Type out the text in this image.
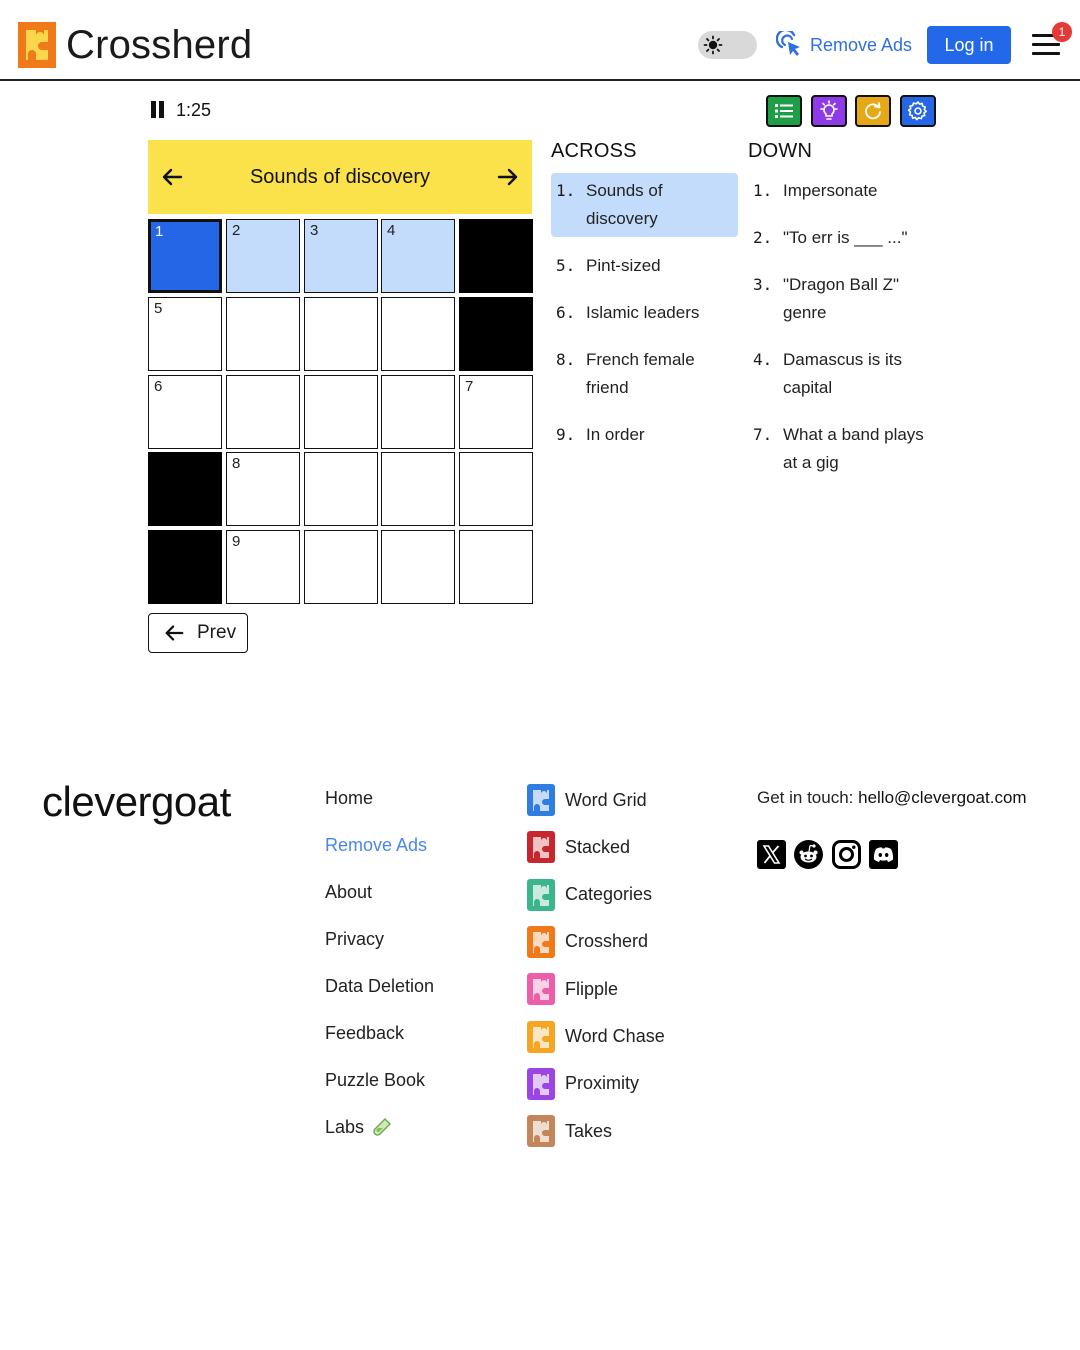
Crossherd	Remove Ads	Log in
1
1:25
Sounds of discovery
1	2	3	4
5
6	7
8
9
Prev
ACROSS	DOWN
1. Sounds of discovery
5. Pint-sized
6. Islamic leaders
8. French female friend
9. In order
1. Impersonate
2. "To err is ___ ..."
3. "Dragon Ball Z" genre
4. Damascus is its capital
7. What a band plays at a gig
clevergoat	Home
Remove Ads
About
Privacy
Data Deletion
Feedback
Puzzle Book
Labs
Word Grid
Stacked
Categories
Crossherd
Flipple
Word Chase
Proximity
Takes
Get in touch: hello@clevergoat.com
